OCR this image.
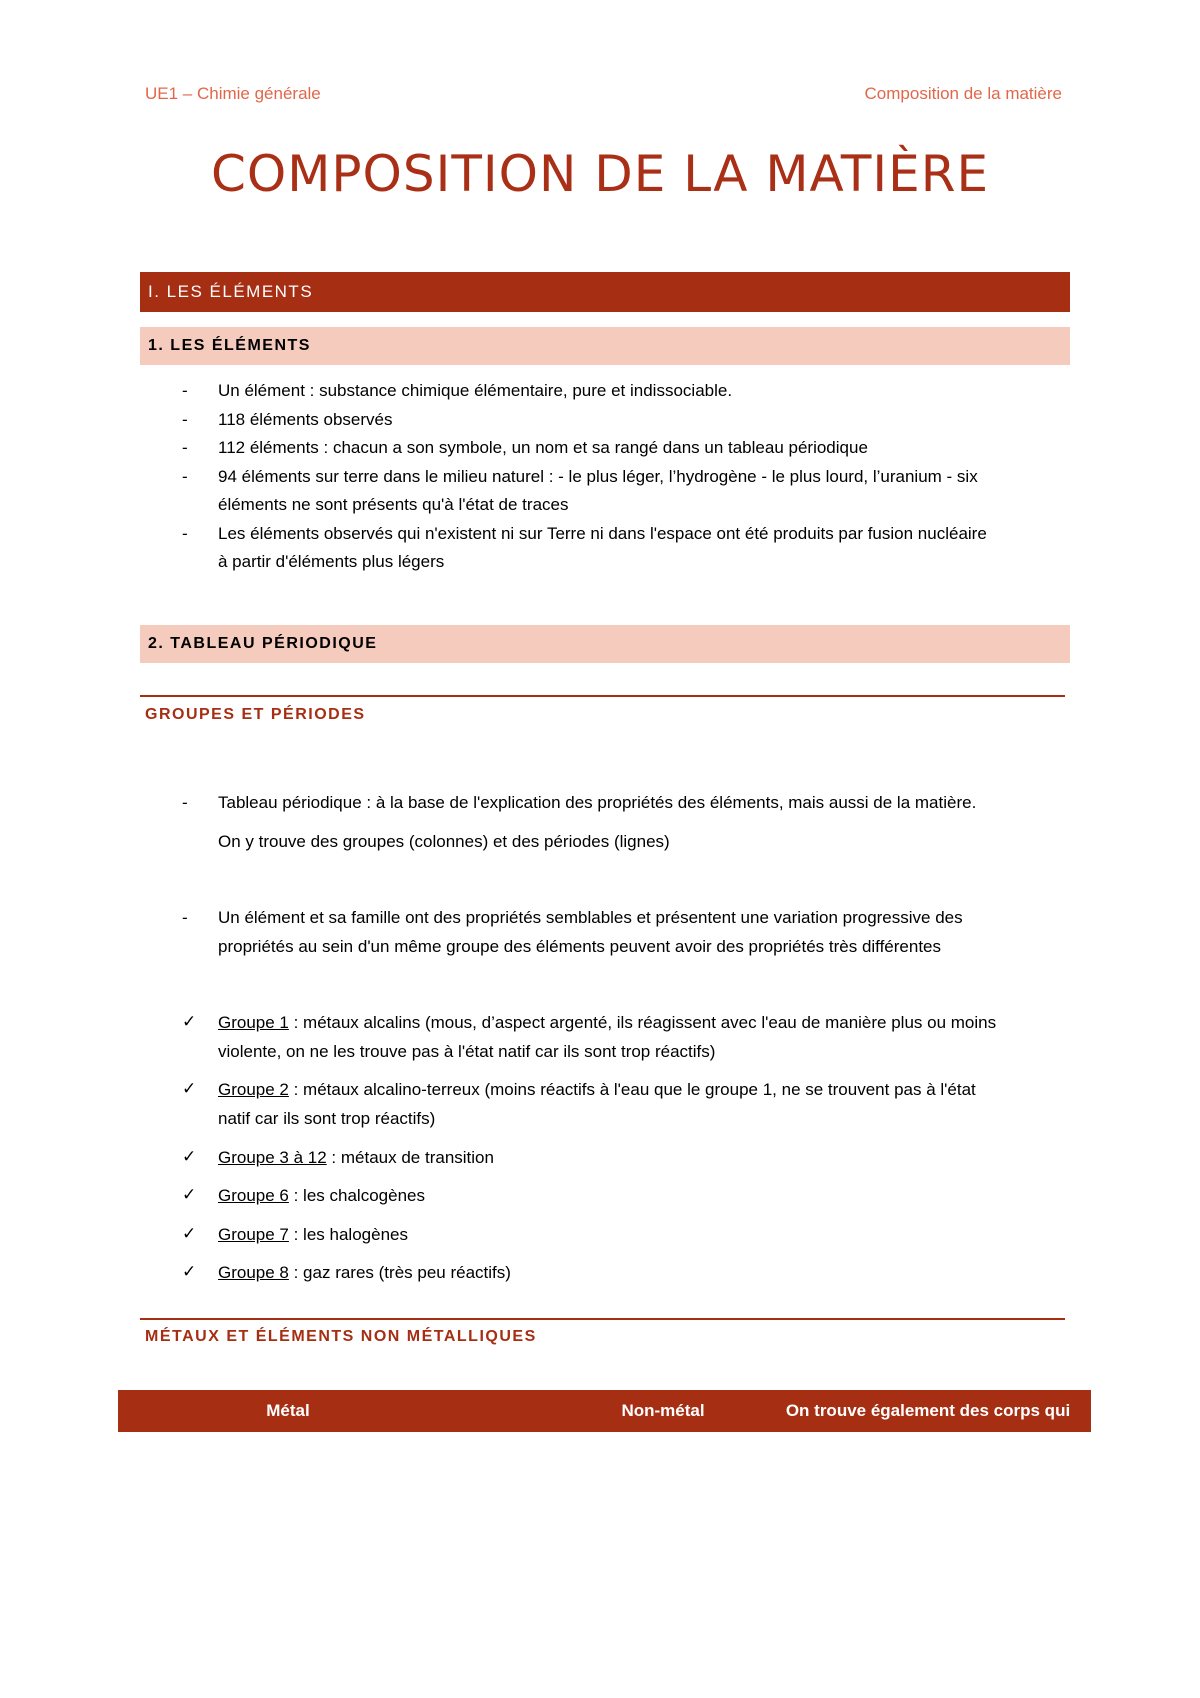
UE1 – Chimie générale	Composition de la matière
COMPOSITION DE LA MATIÈRE
I. LES ÉLÉMENTS
1. LES ÉLÉMENTS
- Un élément : substance chimique élémentaire, pure et indissociable.
- 118 éléments observés
- 112 éléments : chacun a son symbole, un nom et sa rangé dans un tableau périodique
- 94 éléments sur terre dans le milieu naturel : - le plus léger, l’hydrogène - le plus lourd, l’uranium - six
éléments ne sont présents qu'à l'état de traces
- Les éléments observés qui n'existent ni sur Terre ni dans l'espace ont été produits par fusion nucléaire
à partir d'éléments plus légers
2. TABLEAU PÉRIODIQUE
GROUPES ET PÉRIODES
- Tableau périodique : à la base de l'explication des propriétés des éléments, mais aussi de la matière.
On y trouve des groupes (colonnes) et des périodes (lignes)
- Un élément et sa famille ont des propriétés semblables et présentent une variation progressive des
propriétés au sein d'un même groupe des éléments peuvent avoir des propriétés très différentes
✓ Groupe 1 : métaux alcalins (mous, d’aspect argenté, ils réagissent avec l'eau de manière plus ou moins
violente, on ne les trouve pas à l'état natif car ils sont trop réactifs)
✓ Groupe 2 : métaux alcalino-terreux (moins réactifs à l'eau que le groupe 1, ne se trouvent pas à l'état
natif car ils sont trop réactifs)
✓ Groupe 3 à 12 : métaux de transition
✓ Groupe 6 : les chalcogènes
✓ Groupe 7 : les halogènes
✓ Groupe 8 : gaz rares (très peu réactifs)
MÉTAUX ET ÉLÉMENTS NON MÉTALLIQUES
Métal	Non-métal	On trouve également des corps qui
